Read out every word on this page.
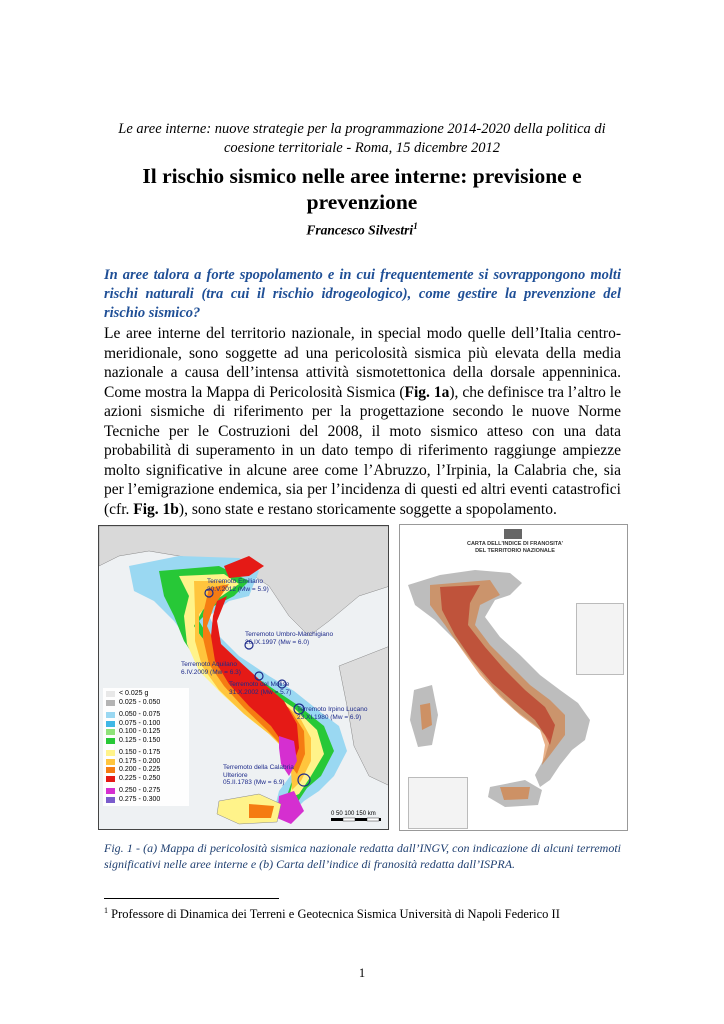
Le aree interne: nuove strategie per la programmazione 2014-2020 della politica di
coesione territoriale - Roma, 15 dicembre 2012
Il rischio sismico nelle aree interne: previsione e
prevenzione
Francesco Silvestri$^1$
In aree talora a forte spopolamento e in cui frequentemente si sovrappongono molti rischi naturali (tra cui il rischio idrogeologico), come gestire la prevenzione del rischio sismico?
Le aree interne del territorio nazionale, in special modo quelle dell’Italia centro-meridionale, sono soggette ad una pericolosità sismica più elevata della media nazionale a causa dell’intensa attività sismotettonica della dorsale appenninica. Come mostra la Mappa di Pericolosità Sismica (Fig. 1a), che definisce tra l’altro le azioni sismiche di riferimento per la progettazione secondo le nuove Norme Tecniche per le Costruzioni del 2008, il moto sismico atteso con una data probabilità di superamento in un dato tempo di riferimento raggiunge ampiezze molto significative in alcune aree come l’Abruzzo, l’Irpinia, la Calabria che, sia per l’emigrazione endemica, sia per l’incidenza di questi ed altri eventi catastrofici (cfr. Fig. 1b), sono state e restano storicamente soggette a spopolamento.
Terremoto Emiliano
20.V.2012 (Mw = 5.9)
Terremoto Umbro-Marchigiano
26.IX.1997 (Mw = 6.0)
Terremoto Aquilano
6.IV.2009 (Mw = 6.3)
Terremoto del Molise
31.X.2002 (Mw = 5.7)
Terremoto Irpino Lucano
23.XI.1980 (Mw = 6.9)
Terremoto della Calabria Ulteriore
05.II.1783 (Mw = 6.9)
< 0.025 g
0.025 - 0.050
0.050 - 0.075
0.075 - 0.100
0.100 - 0.125
0.125 - 0.150
0.150 - 0.175
0.175 - 0.200
0.200 - 0.225
0.225 - 0.250
0.250 - 0.275
0.275 - 0.300
0 50 100 150 km
CARTA DELL'INDICE DI FRANOSITA'
DEL TERRITORIO NAZIONALE
Fig. 1 - (a) Mappa di pericolosità sismica nazionale redatta dall’INGV, con indicazione di alcuni terremoti significativi nelle aree interne e (b) Carta dell’indice di franosità redatta dall’ISPRA.
$^1$ Professore di Dinamica dei Terreni e Geotecnica Sismica Università di Napoli Federico II
1
